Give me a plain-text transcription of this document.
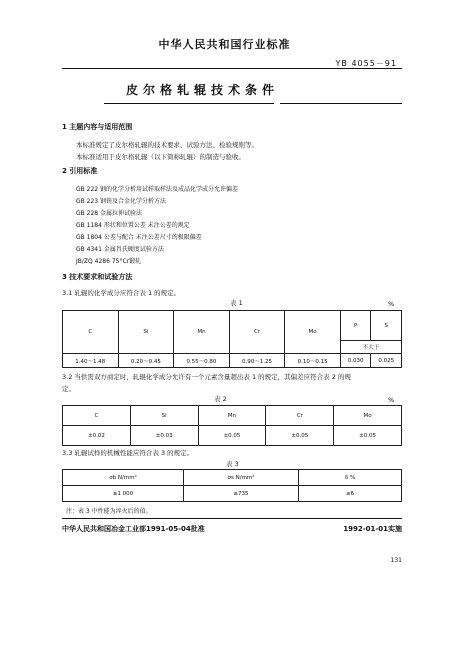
中华人民共和国行业标准
YB 4055－91
皮尔格轧辊技术条件
1 主题内容与适用范围
本标准规定了皮尔格轧辊的技术要求、试验方法、检验规则等。
本标准适用于皮尔格轧辊（以下简称轧辊）的制造与验收。
2 引用标准
GB 222 钢的化学分析用试样取样法及成品化学成分允许偏差
GB 223 钢铁及合金化学分析方法
GB 228 金属拉伸试验法
GB 1184 形状和位置公差 未注公差的规定
GB 1804 公差与配合 未注公差尺寸的极限偏差
GB 4341 金属肖氏硬度试验方法
JB/ZQ 4286 75°Cr锻轧
3 技术要求和试验方法
3.1 轧辊的化学成分应符合表 1 的规定。
表 1	%
C	Si	Mn	Cr	Mo	P	S
					不大于	
1.40～1.48	0.20～0.45	0.55～0.80	0.90～1.25	0.10～0.15	0.030	0.025
3.2 当供需双方商定时，轧辊化学成分允许有一个元素含量超出表 1 的规定，其偏差应符合表 2 的规
定。
表 2	%
C	Si	Mn	Cr	Mo
±0.02	±0.03	±0.05	±0.05	±0.05
3.3 轧辊试样的机械性能应符合表 3 的规定。
表 3
σb N/mm²	σs N/mm²	δ %
≥1 000	≥735	≥6
注：表 3 中性能为淬火后的值。
中华人民共和国冶金工业部1991-05-04批准	1992-01-01实施
131
